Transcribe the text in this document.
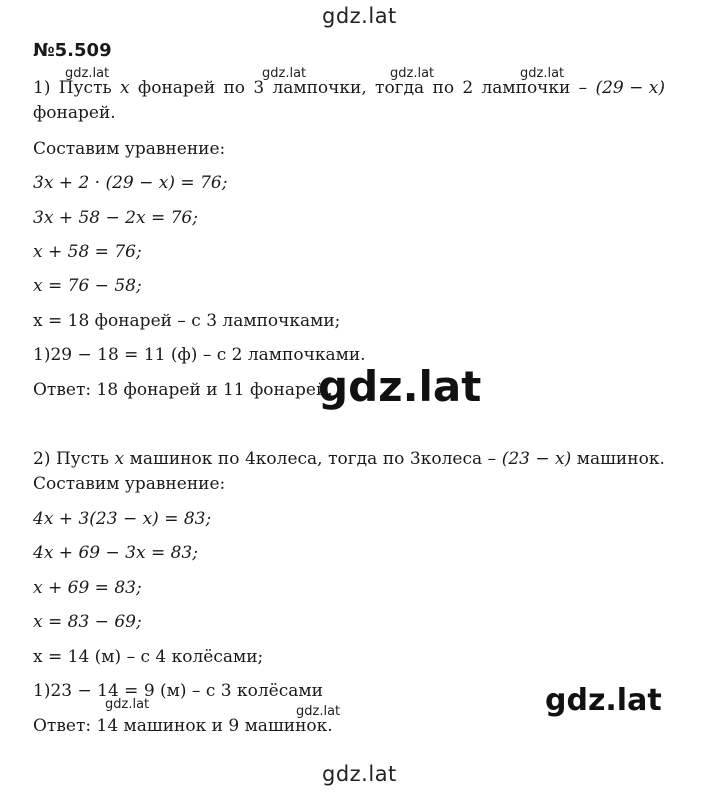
gdz.lat
gdz.lat	gdz.lat	gdz.lat	gdz.lat
№5.509
1) Пусть x фонарей по 3 лампочки, тогда по 2 лампочки – (29 − x)
фонарей.
Составим уравнение:
3x + 2 · (29 − x) = 76;
3x + 58 − 2x = 76;
x + 58 = 76;
x = 76 − 58;
x = 18 фонарей – с 3 лампочками;
1)29 − 18 = 11 (ф) – с 2 лампочками.
Ответ: 18 фонарей и 11 фонарей.
gdz.lat
2) Пусть x машинок по 4колеса, тогда по 3колеса – (23 − x) машинок.
Составим уравнение:
4x + 3(23 − x) = 83;
4x + 69 − 3x = 83;
x + 69 = 83;
x = 83 − 69;
x = 14 (м) – с 4 колёсами;
1)23 − 14 = 9 (м) – с 3 колёсами
Ответ: 14 машинок и 9 машинок.
gdz.lat	gdz.lat	gdz.lat
gdz.lat
